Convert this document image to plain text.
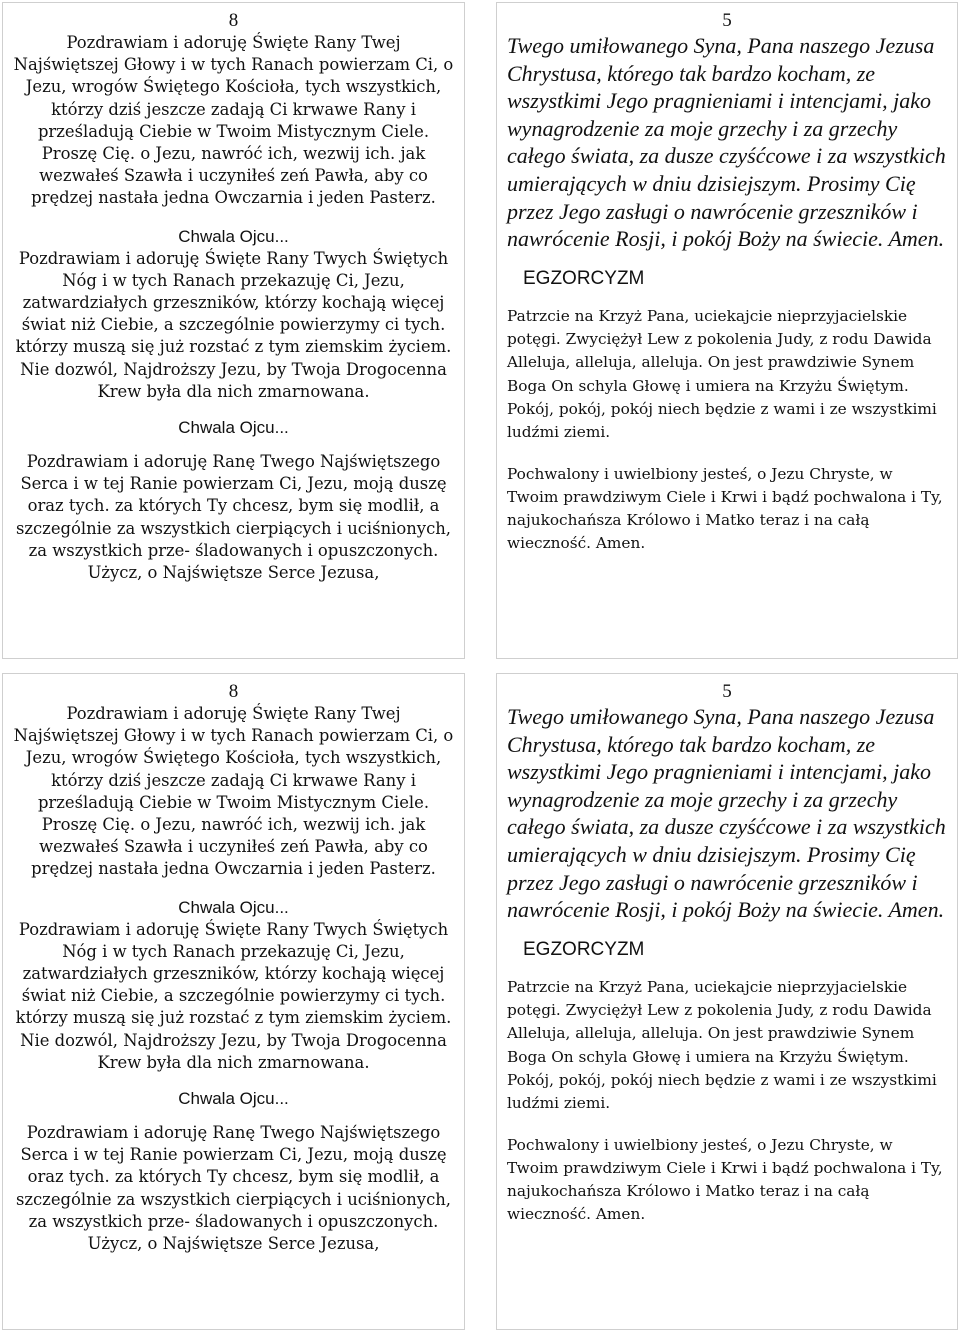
8

Pozdrawiam i adoruję Święte Rany Twej Najświętszej Głowy i w tych Ranach powierzam Ci, o Jezu, wrogów Świętego Kościoła, tych wszystkich, którzy dziś jeszcze zadają Ci krwawe Rany i prześladują Ciebie w Twoim Mistycznym Ciele. Proszę Cię. o Jezu, nawróć ich, wezwij ich. jak wezwałeś Szawła i uczyniłeś zeń Pawła, aby co prędzej nastała jedna Owczarnia i jeden Pasterz.

Chwala Ojcu...

Pozdrawiam i adoruję Święte Rany Twych Świętych Nóg i w tych Ranach przekazuję Ci, Jezu, zatwardziałych grzeszników, którzy kochają więcej świat niż Ciebie, a szczególnie powierzymy ci tych. którzy muszą się już rozstać z tym ziemskim życiem. Nie dozwól, Najdroższy Jezu, by Twoja Drogocenna Krew była dla nich zmarnowana.

Chwala Ojcu...

Pozdrawiam i adoruję Ranę Twego Najświętszego Serca i w tej Ranie powierzam Ci, Jezu, moją duszę oraz tych. za których Ty chcesz, bym się modlił, a szczególnie za wszystkich cierpiących i uciśnionych, za wszystkich prze- śladowanych i opuszczonych. Użycz, o Najświętsze Serce Jezusa,

5

Twego umiłowanego Syna, Pana naszego Jezusa Chrystusa, którego tak bardzo kocham, ze wszystkimi Jego pragnieniami i intencjami, jako wynagrodzenie za moje grzechy i za grzechy całego świata, za dusze czyśćcowe i za wszystkich umierających w dniu dzisiejszym. Prosimy Cię przez Jego zasługi o nawrócenie grzeszników i nawrócenie Rosji, i pokój Boży na świecie. Amen.

EGZORCYZM

Patrzcie na Krzyż Pana, uciekajcie nieprzyjacielskie potęgi. Zwyciężył Lew z pokolenia Judy, z rodu Dawida Alleluja, alleluja, alleluja. On jest prawdziwie Synem Boga On schyla Głowę i umiera na Krzyżu Świętym. Pokój, pokój, pokój niech będzie z wami i ze wszystkimi ludźmi ziemi.

Pochwalony i uwielbiony jesteś, o Jezu Chryste, w Twoim prawdziwym Ciele i Krwi i bądź pochwalona i Ty, najukochańsza Królowo i Matko teraz i na całą wieczność. Amen.

8

Pozdrawiam i adoruję Święte Rany Twej Najświętszej Głowy i w tych Ranach powierzam Ci, o Jezu, wrogów Świętego Kościoła, tych wszystkich, którzy dziś jeszcze zadają Ci krwawe Rany i prześladują Ciebie w Twoim Mistycznym Ciele. Proszę Cię. o Jezu, nawróć ich, wezwij ich. jak wezwałeś Szawła i uczyniłeś zeń Pawła, aby co prędzej nastała jedna Owczarnia i jeden Pasterz.

Chwala Ojcu...

Pozdrawiam i adoruję Święte Rany Twych Świętych Nóg i w tych Ranach przekazuję Ci, Jezu, zatwardziałych grzeszników, którzy kochają więcej świat niż Ciebie, a szczególnie powierzymy ci tych. którzy muszą się już rozstać z tym ziemskim życiem. Nie dozwól, Najdroższy Jezu, by Twoja Drogocenna Krew była dla nich zmarnowana.

Chwala Ojcu...

Pozdrawiam i adoruję Ranę Twego Najświętszego Serca i w tej Ranie powierzam Ci, Jezu, moją duszę oraz tych. za których Ty chcesz, bym się modlił, a szczególnie za wszystkich cierpiących i uciśnionych, za wszystkich prze- śladowanych i opuszczonych. Użycz, o Najświętsze Serce Jezusa,

5

Twego umiłowanego Syna, Pana naszego Jezusa Chrystusa, którego tak bardzo kocham, ze wszystkimi Jego pragnieniami i intencjami, jako wynagrodzenie za moje grzechy i za grzechy całego świata, za dusze czyśćcowe i za wszystkich umierających w dniu dzisiejszym. Prosimy Cię przez Jego zasługi o nawrócenie grzeszników i nawrócenie Rosji, i pokój Boży na świecie. Amen.

EGZORCYZM

Patrzcie na Krzyż Pana, uciekajcie nieprzyjacielskie potęgi. Zwyciężył Lew z pokolenia Judy, z rodu Dawida Alleluja, alleluja, alleluja. On jest prawdziwie Synem Boga On schyla Głowę i umiera na Krzyżu Świętym. Pokój, pokój, pokój niech będzie z wami i ze wszystkimi ludźmi ziemi.

Pochwalony i uwielbiony jesteś, o Jezu Chryste, w Twoim prawdziwym Ciele i Krwi i bądź pochwalona i Ty, najukochańsza Królowo i Matko teraz i na całą wieczność. Amen.
